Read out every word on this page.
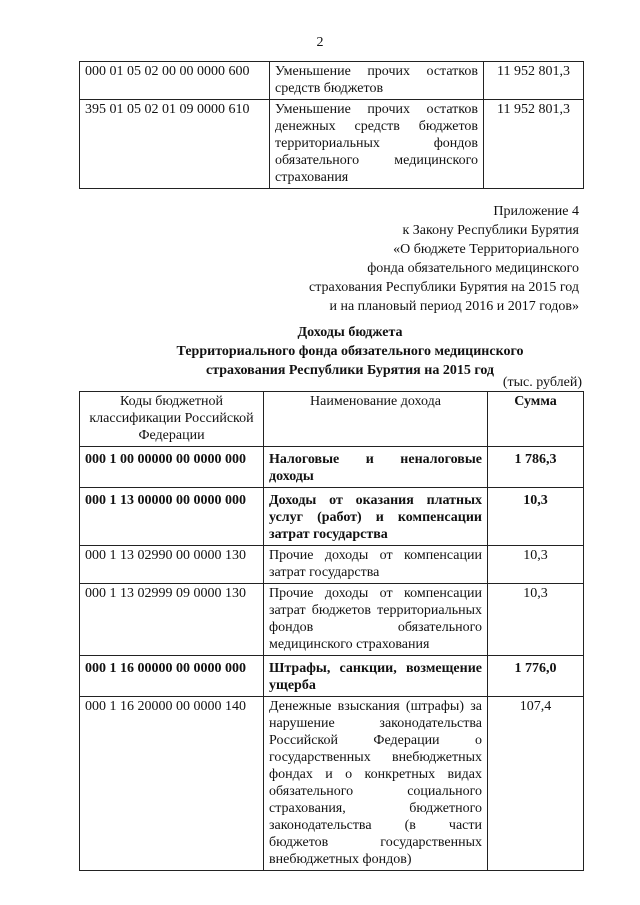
2
000 01 05 02 00 00 0000 600	Уменьшение прочих остатков средств бюджетов	11 952 801,3
395 01 05 02 01 09 0000 610	Уменьшение прочих остатков денежных средств бюджетов территориальных фондов обязательного медицинского страхования	11 952 801,3
Приложение 4
к Закону Республики Бурятия
«О бюджете Территориального
фонда обязательного медицинского
страхования Республики Бурятия на 2015 год
и на плановый период 2016 и 2017 годов»
Доходы бюджета
Территориального фонда обязательного медицинского
страхования Республики Бурятия на 2015 год
(тыс. рублей)
Коды бюджетной классификации Российской Федерации	Наименование дохода	Сумма
000 1 00 00000 00 0000 000	Налоговые и неналоговые доходы	1 786,3
000 1 13 00000 00 0000 000	Доходы от оказания платных услуг (работ) и компенсации затрат государства	10,3
000 1 13 02990 00 0000 130	Прочие доходы от компенсации затрат государства	10,3
000 1 13 02999 09 0000 130	Прочие доходы от компенсации затрат бюджетов территориальных фондов обязательного медицинского страхования	10,3
000 1 16 00000 00 0000 000	Штрафы, санкции, возмещение ущерба	1 776,0
000 1 16 20000 00 0000 140	Денежные взыскания (штрафы) за нарушение законодательства Российской Федерации о государственных внебюджетных фондах и о конкретных видах обязательного социального страхования, бюджетного законодательства (в части бюджетов государственных внебюджетных фондов)	107,4
